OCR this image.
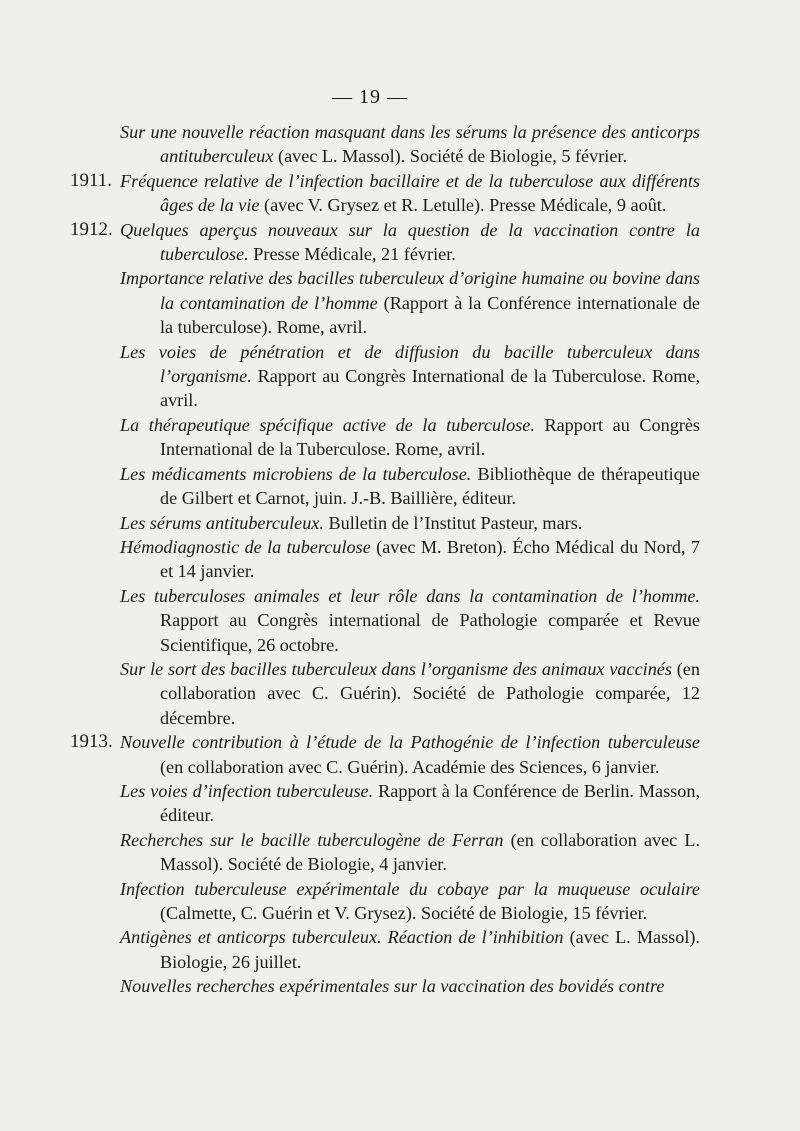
— 19 —

Sur une nouvelle réaction masquant dans les sérums la présence des anticorps antituberculeux (avec L. Massol). Société de Biologie, 5 février.

1911. Fréquence relative de l’infection bacillaire et de la tuberculose aux différents âges de la vie (avec V. Grysez et R. Letulle). Presse Médicale, 9 août.

1912. Quelques aperçus nouveaux sur la question de la vaccination contre la tuberculose. Presse Médicale, 21 février.

Importance relative des bacilles tuberculeux d’origine humaine ou bovine dans la contamination de l’homme (Rapport à la Conférence internationale de la tuberculose). Rome, avril.

Les voies de pénétration et de diffusion du bacille tuberculeux dans l’organisme. Rapport au Congrès International de la Tuberculose. Rome, avril.

La thérapeutique spécifique active de la tuberculose. Rapport au Congrès International de la Tuberculose. Rome, avril.

Les médicaments microbiens de la tuberculose. Bibliothèque de thérapeutique de Gilbert et Carnot, juin. J.-B. Baillière, éditeur.

Les sérums antituberculeux. Bulletin de l’Institut Pasteur, mars.

Hémodiagnostic de la tuberculose (avec M. Breton). Écho Médical du Nord, 7 et 14 janvier.

Les tuberculoses animales et leur rôle dans la contamination de l’homme. Rapport au Congrès international de Pathologie comparée et Revue Scientifique, 26 octobre.

Sur le sort des bacilles tuberculeux dans l’organisme des animaux vaccinés (en collaboration avec C. Guérin). Société de Pathologie comparée, 12 décembre.

1913. Nouvelle contribution à l’étude de la Pathogénie de l’infection tuberculeuse (en collaboration avec C. Guérin). Académie des Sciences, 6 janvier.

Les voies d’infection tuberculeuse. Rapport à la Conférence de Berlin. Masson, éditeur.

Recherches sur le bacille tuberculogène de Ferran (en collaboration avec L. Massol). Société de Biologie, 4 janvier.

Infection tuberculeuse expérimentale du cobaye par la muqueuse oculaire (Calmette, C. Guérin et V. Grysez). Société de Biologie, 15 février.

Antigènes et anticorps tuberculeux. Réaction de l’inhibition (avec L. Massol). Biologie, 26 juillet.

Nouvelles recherches expérimentales sur la vaccination des bovidés contre
